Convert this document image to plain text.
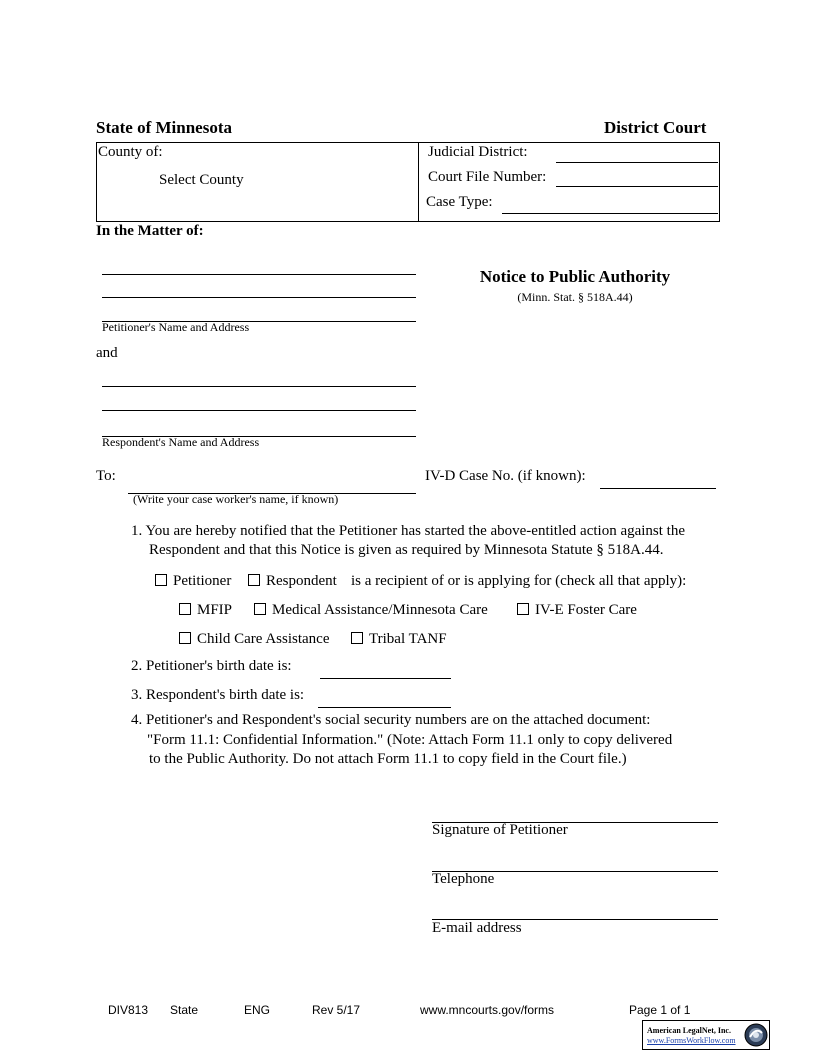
State of Minnesota	District Court
County of:
Select County
Judicial District:
Court File Number:
Case Type:
In the Matter of:
Petitioner's Name and Address
and
Respondent's Name and Address
Notice to Public Authority
(Minn. Stat. § 518A.44)
To:
(Write your case worker's name, if known)
IV-D Case No. (if known):
1. You are hereby notified that the Petitioner has started the above-entitled action against the
Respondent and that this Notice is given as required by Minnesota Statute § 518A.44.
Petitioner	Respondent is a recipient of or is applying for (check all that apply):
MFIP	Medical Assistance/Minnesota Care	IV-E Foster Care
Child Care Assistance	Tribal TANF
2. Petitioner's birth date is:
3. Respondent's birth date is:
4. Petitioner's and Respondent's social security numbers are on the attached document:
"Form 11.1: Confidential Information." (Note: Attach Form 11.1 only to copy delivered
to the Public Authority. Do not attach Form 11.1 to copy field in the Court file.)
Signature of Petitioner
Telephone
E-mail address
DIV813 State	ENG	Rev 5/17	www.mncourts.gov/forms	Page 1 of 1
American LegalNet, Inc.
www.FormsWorkFlow.com
